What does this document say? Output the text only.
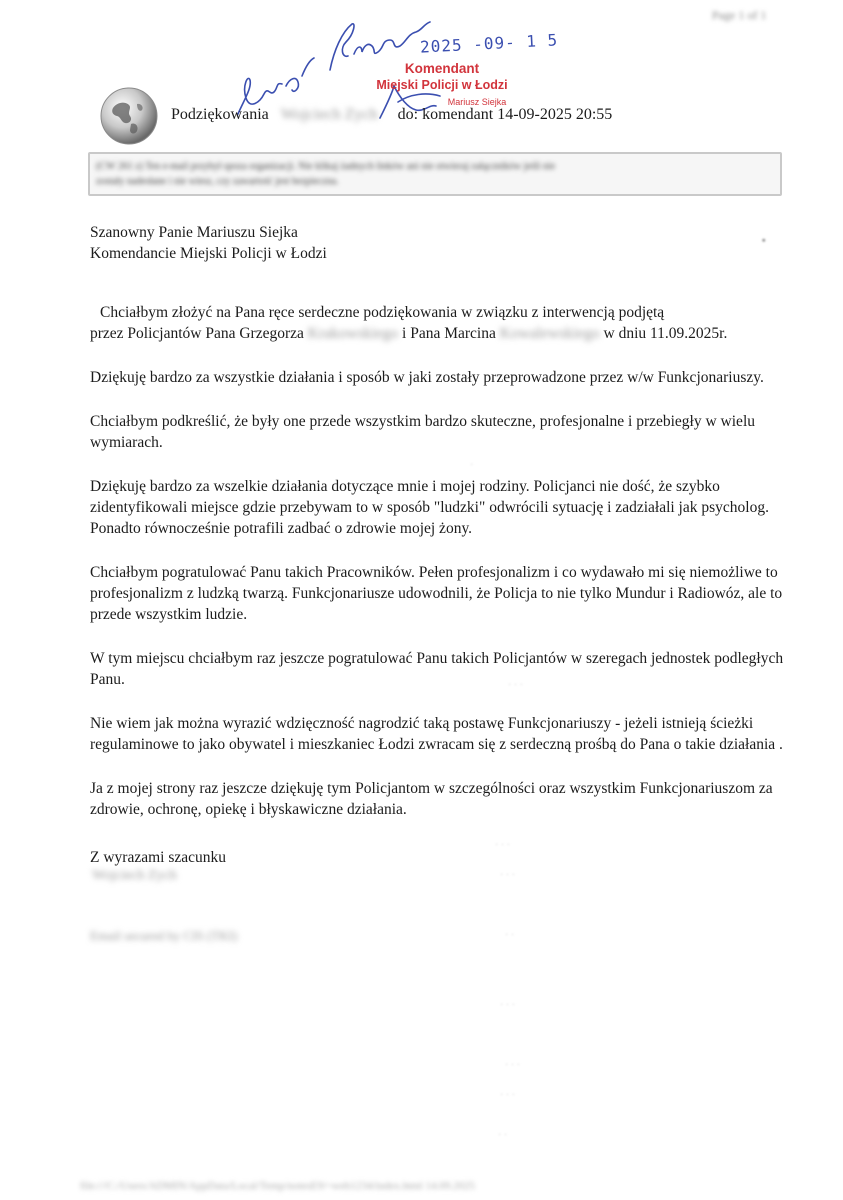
Page 1 of 1
2025 -09- 1 5
Komendant
Miejski Policji w Łodzi
Mariusz Siejka
Podziękowania Wojciech Zych do: komendant 14-09-2025 20:55
(CW 261 z) Ten e-mail przybył spoza organizacji. Nie klikaj żadnych linków ani nie otwieraj załączników jeśli nie
zostały nadesłane i nie wiesz, czy zawartość jest bezpieczna.
Szanowny Panie Mariuszu Siejka
Komendancie Miejski Policji w Łodzi

Chciałbym złożyć na Pana ręce serdeczne podziękowania w związku z interwencją podjętą
przez Policjantów Pana Grzegorza Krakowskiego i Pana Marcina Kowalewskiego w dniu 11.09.2025r.

Dziękuję bardzo za wszystkie działania i sposób w jaki zostały przeprowadzone przez w/w Funkcjonariuszy.

Chciałbym podkreślić, że były one przede wszystkim bardzo skuteczne, profesjonalne i przebiegły w wielu wymiarach.

Dziękuję bardzo za wszelkie działania dotyczące mnie i mojej rodziny. Policjanci nie dość, że szybko zidentyfikowali miejsce gdzie przebywam to w sposób "ludzki" odwrócili sytuację i zadziałali jak psycholog. Ponadto równocześnie potrafili zadbać o zdrowie mojej żony.

Chciałbym pogratulować Panu takich Pracowników. Pełen profesjonalizm i co wydawało mi się niemożliwe to profesjonalizm z ludzką twarzą. Funkcjonariusze udowodnili, że Policja to nie tylko Mundur i Radiowóz, ale to przede wszystkim ludzie.

W tym miejscu chciałbym raz jeszcze pogratulować Panu takich Policjantów w szeregach jednostek podległych Panu.

Nie wiem jak można wyrazić wdzięczność nagrodzić taką postawę Funkcjonariuszy - jeżeli istnieją ścieżki regulaminowe to jako obywatel i mieszkaniec Łodzi zwracam się z serdeczną prośbą do Pana o takie działania .

Ja z mojej strony raz jeszcze dziękuję tym Policjantom w szczególności oraz wszystkim Funkcjonariuszom za zdrowie, ochronę, opiekę i błyskawiczne działania.

Z wyrazami szacunku
Wojciech Zych
Email secured by CIS (TKI)
file:///C:/Users/ADMIN/AppData/Local/Temp/notesE9/~web1234/index.html 14.09.2025
·
· · ·
· · ·
· · ·
· ·
· · ·
· · ·
· · ·
· ·
•
